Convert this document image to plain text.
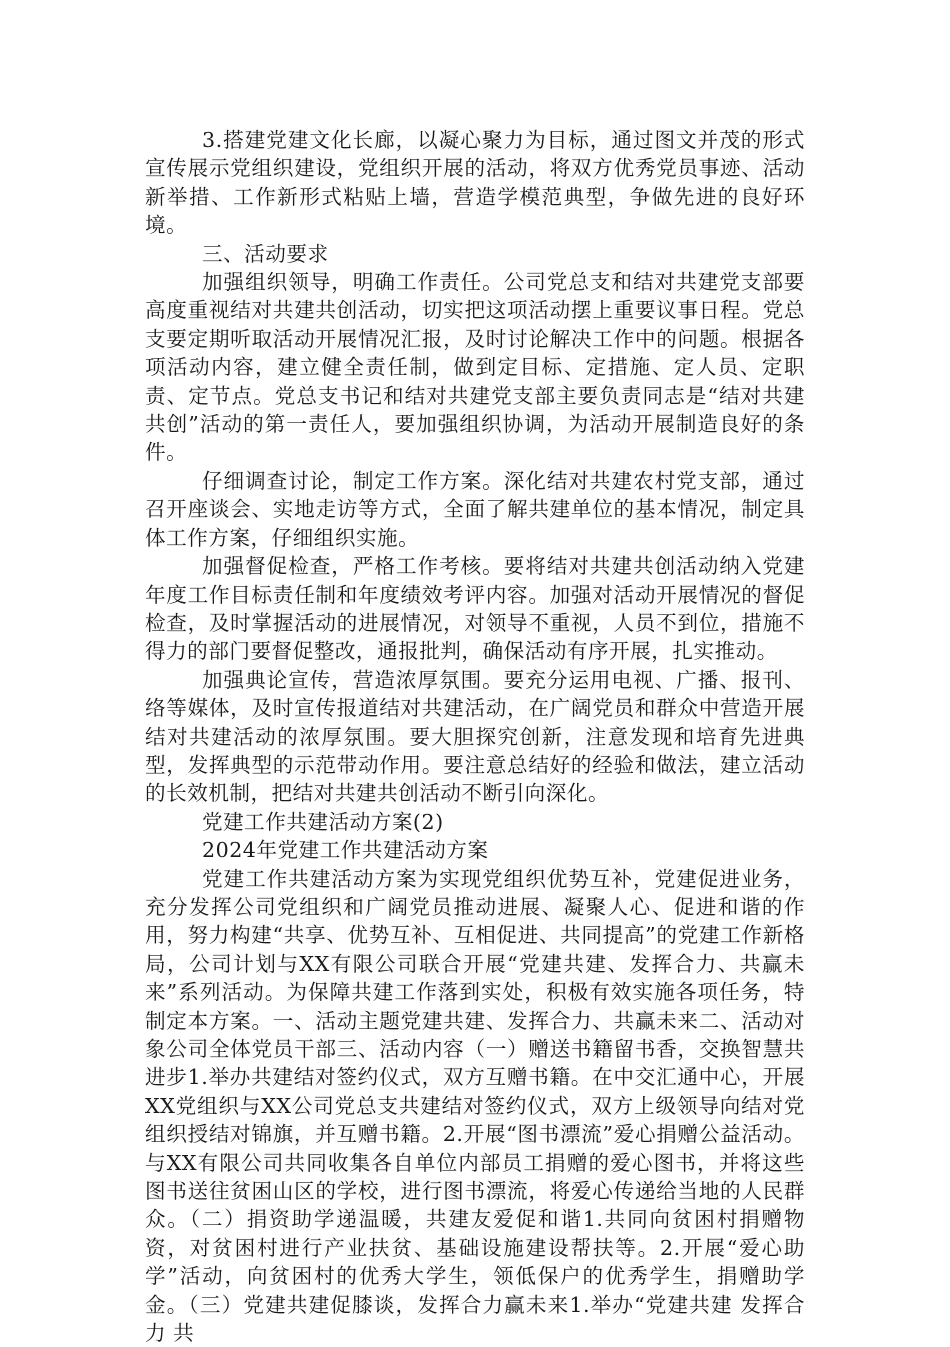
3.搭建党建文化长廊，以凝心聚力为目标，通过图文并茂的形式宣传展示党组织建设，党组织开展的活动，将双方优秀党员事迹、活动新举措、工作新形式粘贴上墙，营造学模范典型，争做先进的良好环境。

三、活动要求

加强组织领导，明确工作责任。公司党总支和结对共建党支部要高度重视结对共建共创活动，切实把这项活动摆上重要议事日程。党总支要定期听取活动开展情况汇报，及时讨论解决工作中的问题。根据各项活动内容，建立健全责任制，做到定目标、定措施、定人员、定职责、定节点。党总支书记和结对共建党支部主要负责同志是“结对共建共创”活动的第一责任人，要加强组织协调，为活动开展制造良好的条件。

仔细调查讨论，制定工作方案。深化结对共建农村党支部，通过召开座谈会、实地走访等方式，全面了解共建单位的基本情况，制定具体工作方案，仔细组织实施。

加强督促检查，严格工作考核。要将结对共建共创活动纳入党建年度工作目标责任制和年度绩效考评内容。加强对活动开展情况的督促检查，及时掌握活动的进展情况，对领导不重视，人员不到位，措施不得力的部门要督促整改，通报批判，确保活动有序开展，扎实推动。

加强典论宣传，营造浓厚氛围。要充分运用电视、广播、报刊、络等媒体，及时宣传报道结对共建活动，在广阔党员和群众中营造开展结对共建活动的浓厚氛围。要大胆探究创新，注意发现和培育先进典型，发挥典型的示范带动作用。要注意总结好的经验和做法，建立活动的长效机制，把结对共建共创活动不断引向深化。

党建工作共建活动方案(2)

2024年党建工作共建活动方案

党建工作共建活动方案为实现党组织优势互补，党建促进业务，充分发挥公司党组织和广阔党员推动进展、凝聚人心、促进和谐的作用，努力构建“共享、优势互补、互相促进、共同提高”的党建工作新格局，公司计划与XX有限公司联合开展“党建共建、发挥合力、共赢未来”系列活动。为保障共建工作落到实处，积极有效实施各项任务，特制定本方案。一、活动主题党建共建、发挥合力、共赢未来二、活动对象公司全体党员干部三、活动内容（一）赠送书籍留书香，交换智慧共进步1.举办共建结对签约仪式，双方互赠书籍。在中交汇通中心，开展XX党组织与XX公司党总支共建结对签约仪式，双方上级领导向结对党组织授结对锦旗，并互赠书籍。2.开展“图书漂流”爱心捐赠公益活动。与XX有限公司共同收集各自单位内部员工捐赠的爱心图书，并将这些图书送往贫困山区的学校，进行图书漂流，将爱心传递给当地的人民群众。（二）捐资助学递温暖，共建友爱促和谐1.共同向贫困村捐赠物资，对贫困村进行产业扶贫、基础设施建设帮扶等。2.开展“爱心助学”活动，向贫困村的优秀大学生，领低保户的优秀学生，捐赠助学金。（三）党建共建促膝谈，发挥合力赢未来1.举办“党建共建 发挥合力 共
